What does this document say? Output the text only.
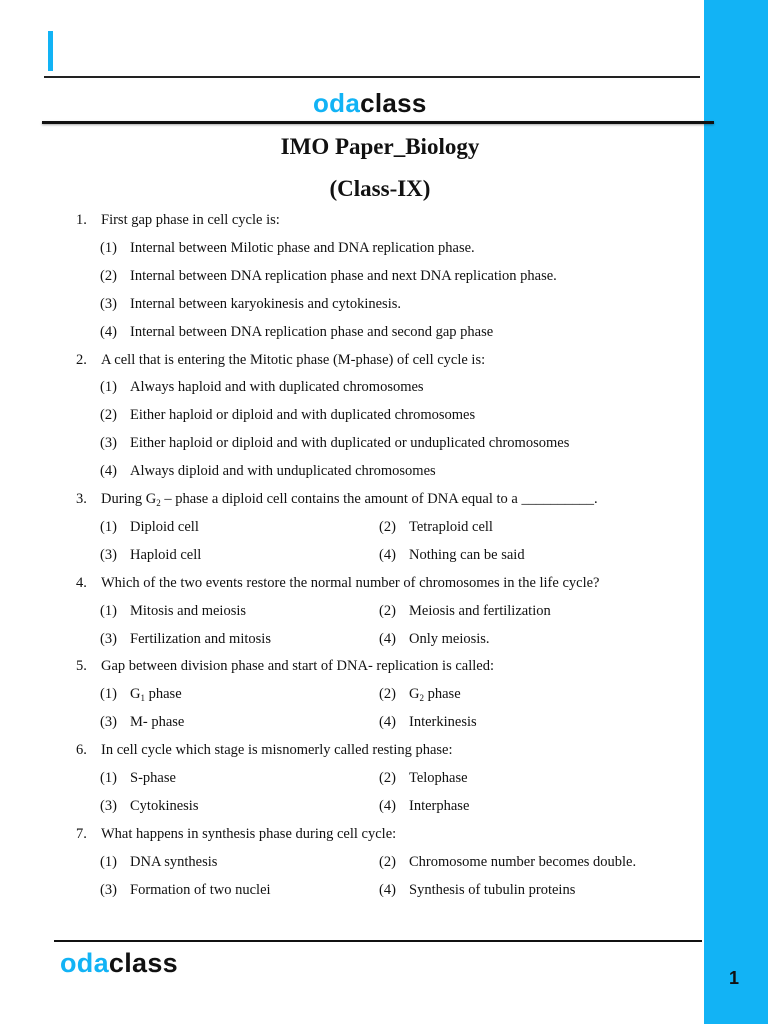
1
odaclass
IMO Paper_Biology
(Class-IX)
1. First gap phase in cell cycle is:
(1) Internal between Milotic phase and DNA replication phase.
(2) Internal between DNA replication phase and next DNA replication phase.
(3) Internal between karyokinesis and cytokinesis.
(4) Internal between DNA replication phase and second gap phase
2. A cell that is entering the Mitotic phase (M-phase) of cell cycle is:
(1) Always haploid and with duplicated chromosomes
(2) Either haploid or diploid and with duplicated chromosomes
(3) Either haploid or diploid and with duplicated or unduplicated chromosomes
(4) Always diploid and with unduplicated chromosomes
3. During $G_2$ – phase a diploid cell contains the amount of DNA equal to a __________.
(1) Diploid cell	(2) Tetraploid cell
(3) Haploid cell	(4) Nothing can be said
4. Which of the two events restore the normal number of chromosomes in the life cycle?
(1) Mitosis and meiosis	(2) Meiosis and fertilization
(3) Fertilization and mitosis	(4) Only meiosis.
5. Gap between division phase and start of DNA- replication is called:
(1) $G_1$ phase	(2) $G_2$ phase
(3) M- phase	(4) Interkinesis
6. In cell cycle which stage is misnomerly called resting phase:
(1) S-phase	(2) Telophase
(3) Cytokinesis	(4) Interphase
7. What happens in synthesis phase during cell cycle:
(1) DNA synthesis	(2) Chromosome number becomes double.
(3) Formation of two nuclei	(4) Synthesis of tubulin proteins
odaclass
